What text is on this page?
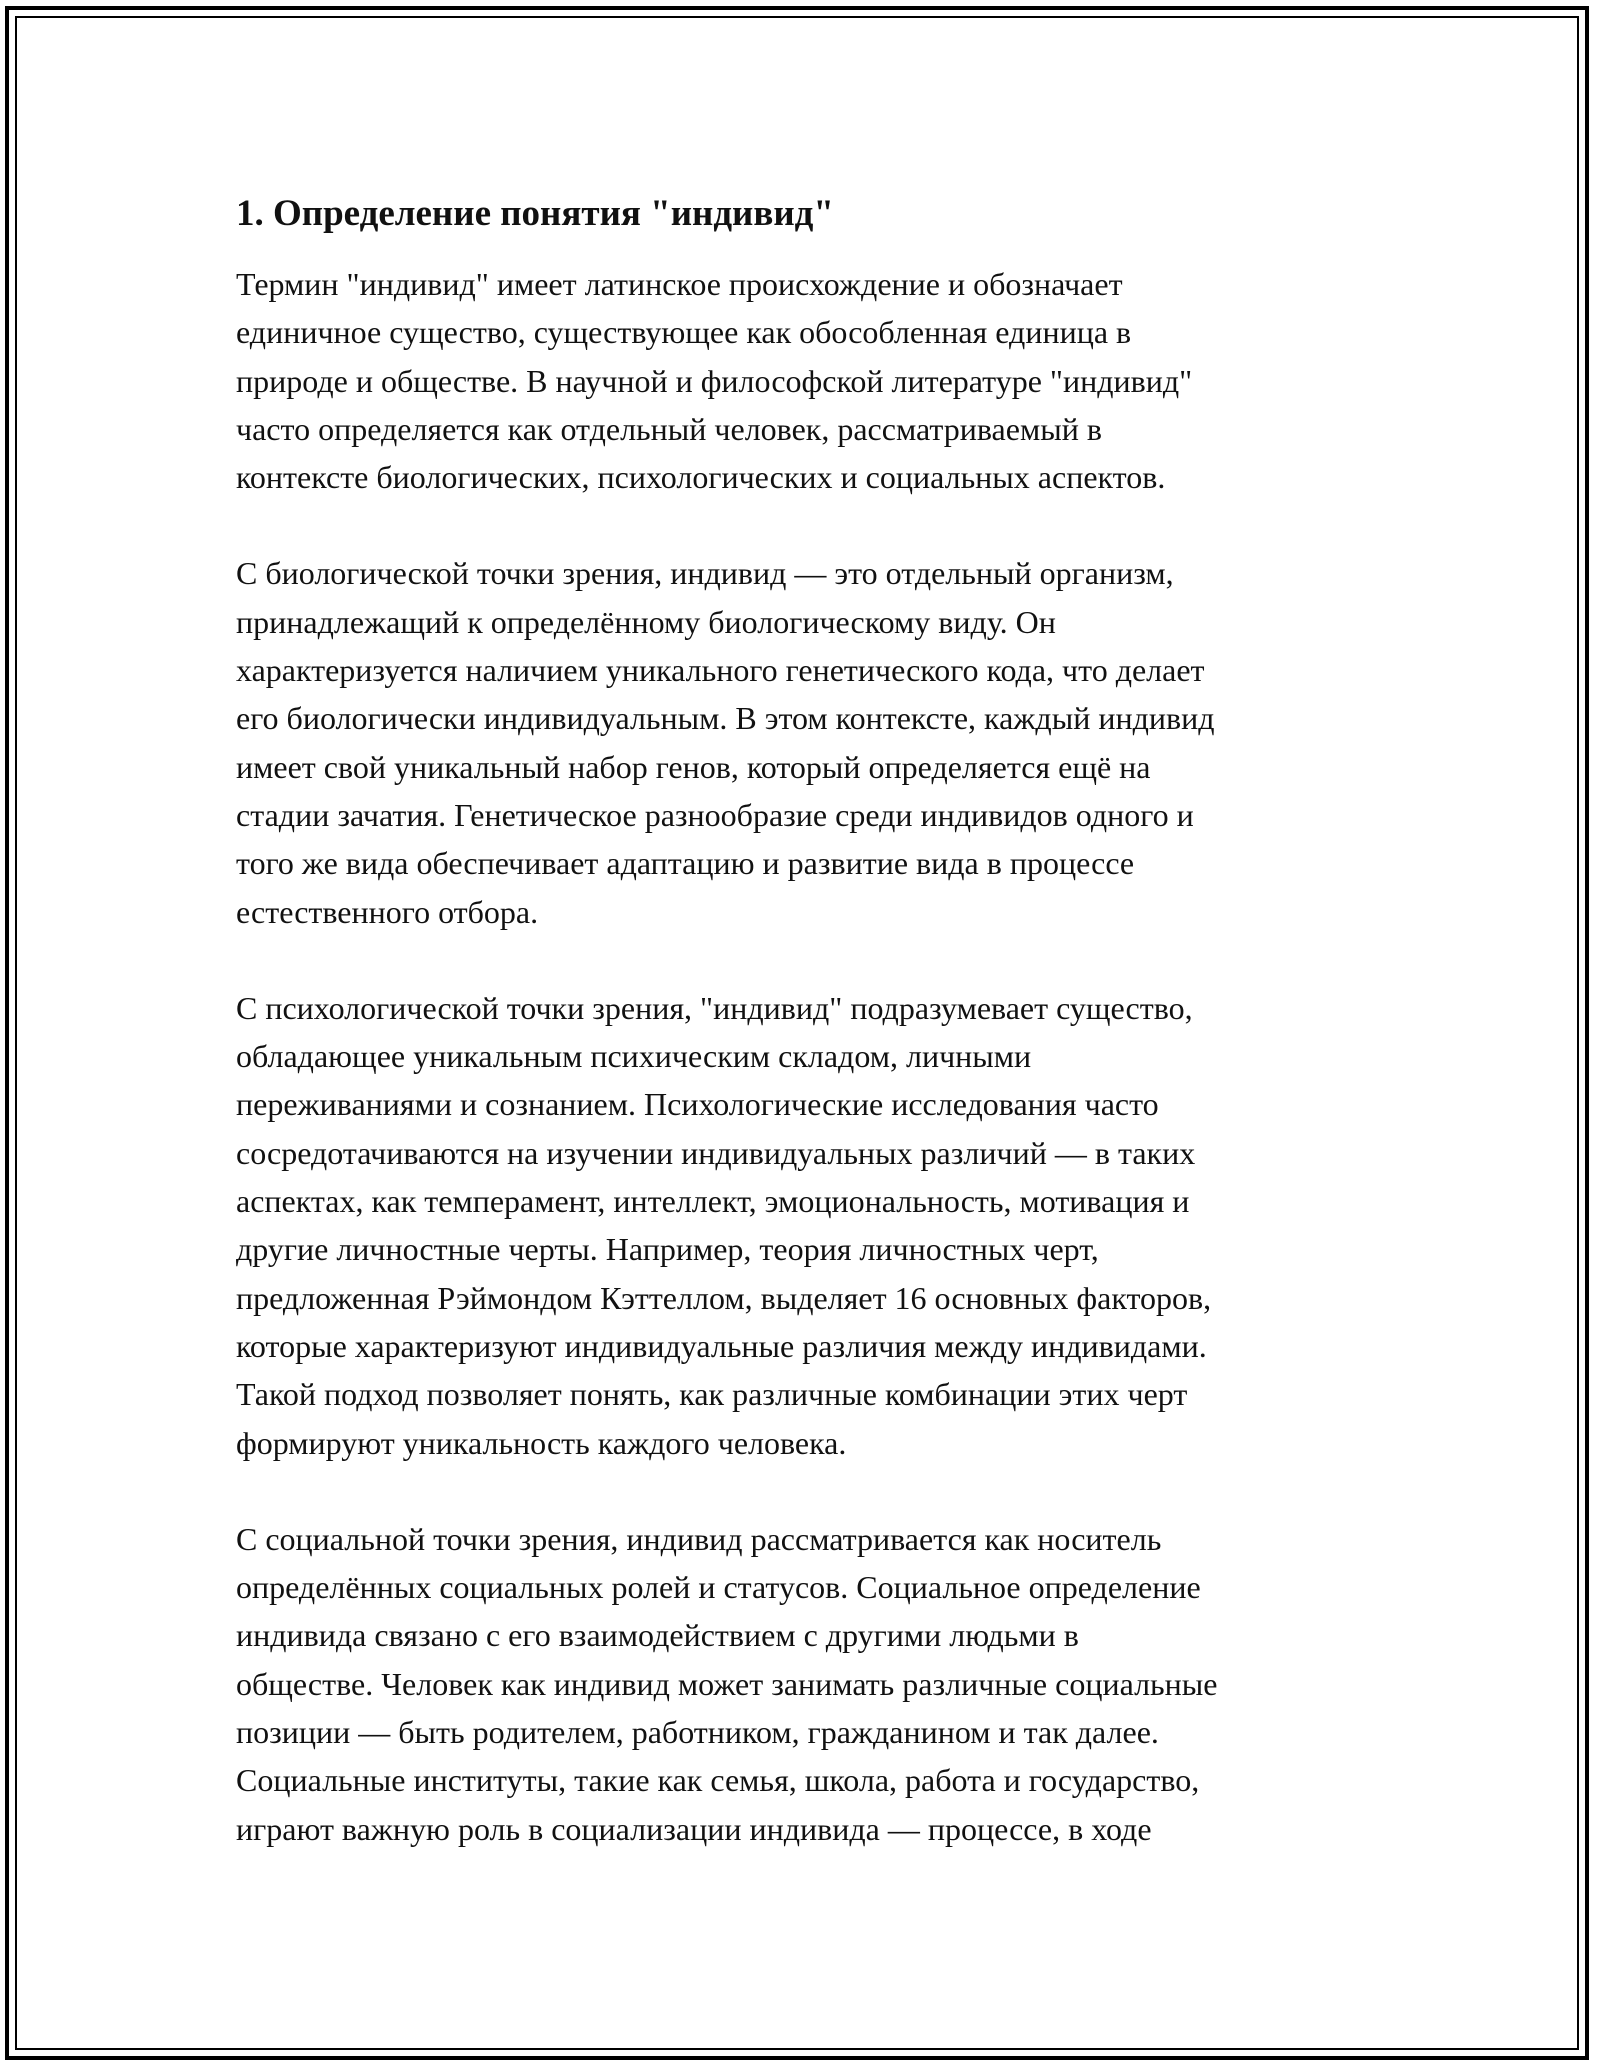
1. Определение понятия "индивид"

Термин "индивид" имеет латинское происхождение и обозначает
единичное существо, существующее как обособленная единица в
природе и обществе. В научной и философской литературе "индивид"
часто определяется как отдельный человек, рассматриваемый в
контексте биологических, психологических и социальных аспектов.

С биологической точки зрения, индивид — это отдельный организм,
принадлежащий к определённому биологическому виду. Он
характеризуется наличием уникального генетического кода, что делает
его биологически индивидуальным. В этом контексте, каждый индивид
имеет свой уникальный набор генов, который определяется ещё на
стадии зачатия. Генетическое разнообразие среди индивидов одного и
того же вида обеспечивает адаптацию и развитие вида в процессе
естественного отбора.

С психологической точки зрения, "индивид" подразумевает существо,
обладающее уникальным психическим складом, личными
переживаниями и сознанием. Психологические исследования часто
сосредотачиваются на изучении индивидуальных различий — в таких
аспектах, как темперамент, интеллект, эмоциональность, мотивация и
другие личностные черты. Например, теория личностных черт,
предложенная Рэймондом Кэттеллом, выделяет 16 основных факторов,
которые характеризуют индивидуальные различия между индивидами.
Такой подход позволяет понять, как различные комбинации этих черт
формируют уникальность каждого человека.

С социальной точки зрения, индивид рассматривается как носитель
определённых социальных ролей и статусов. Социальное определение
индивида связано с его взаимодействием с другими людьми в
обществе. Человек как индивид может занимать различные социальные
позиции — быть родителем, работником, гражданином и так далее.
Социальные институты, такие как семья, школа, работа и государство,
играют важную роль в социализации индивида — процессе, в ходе
